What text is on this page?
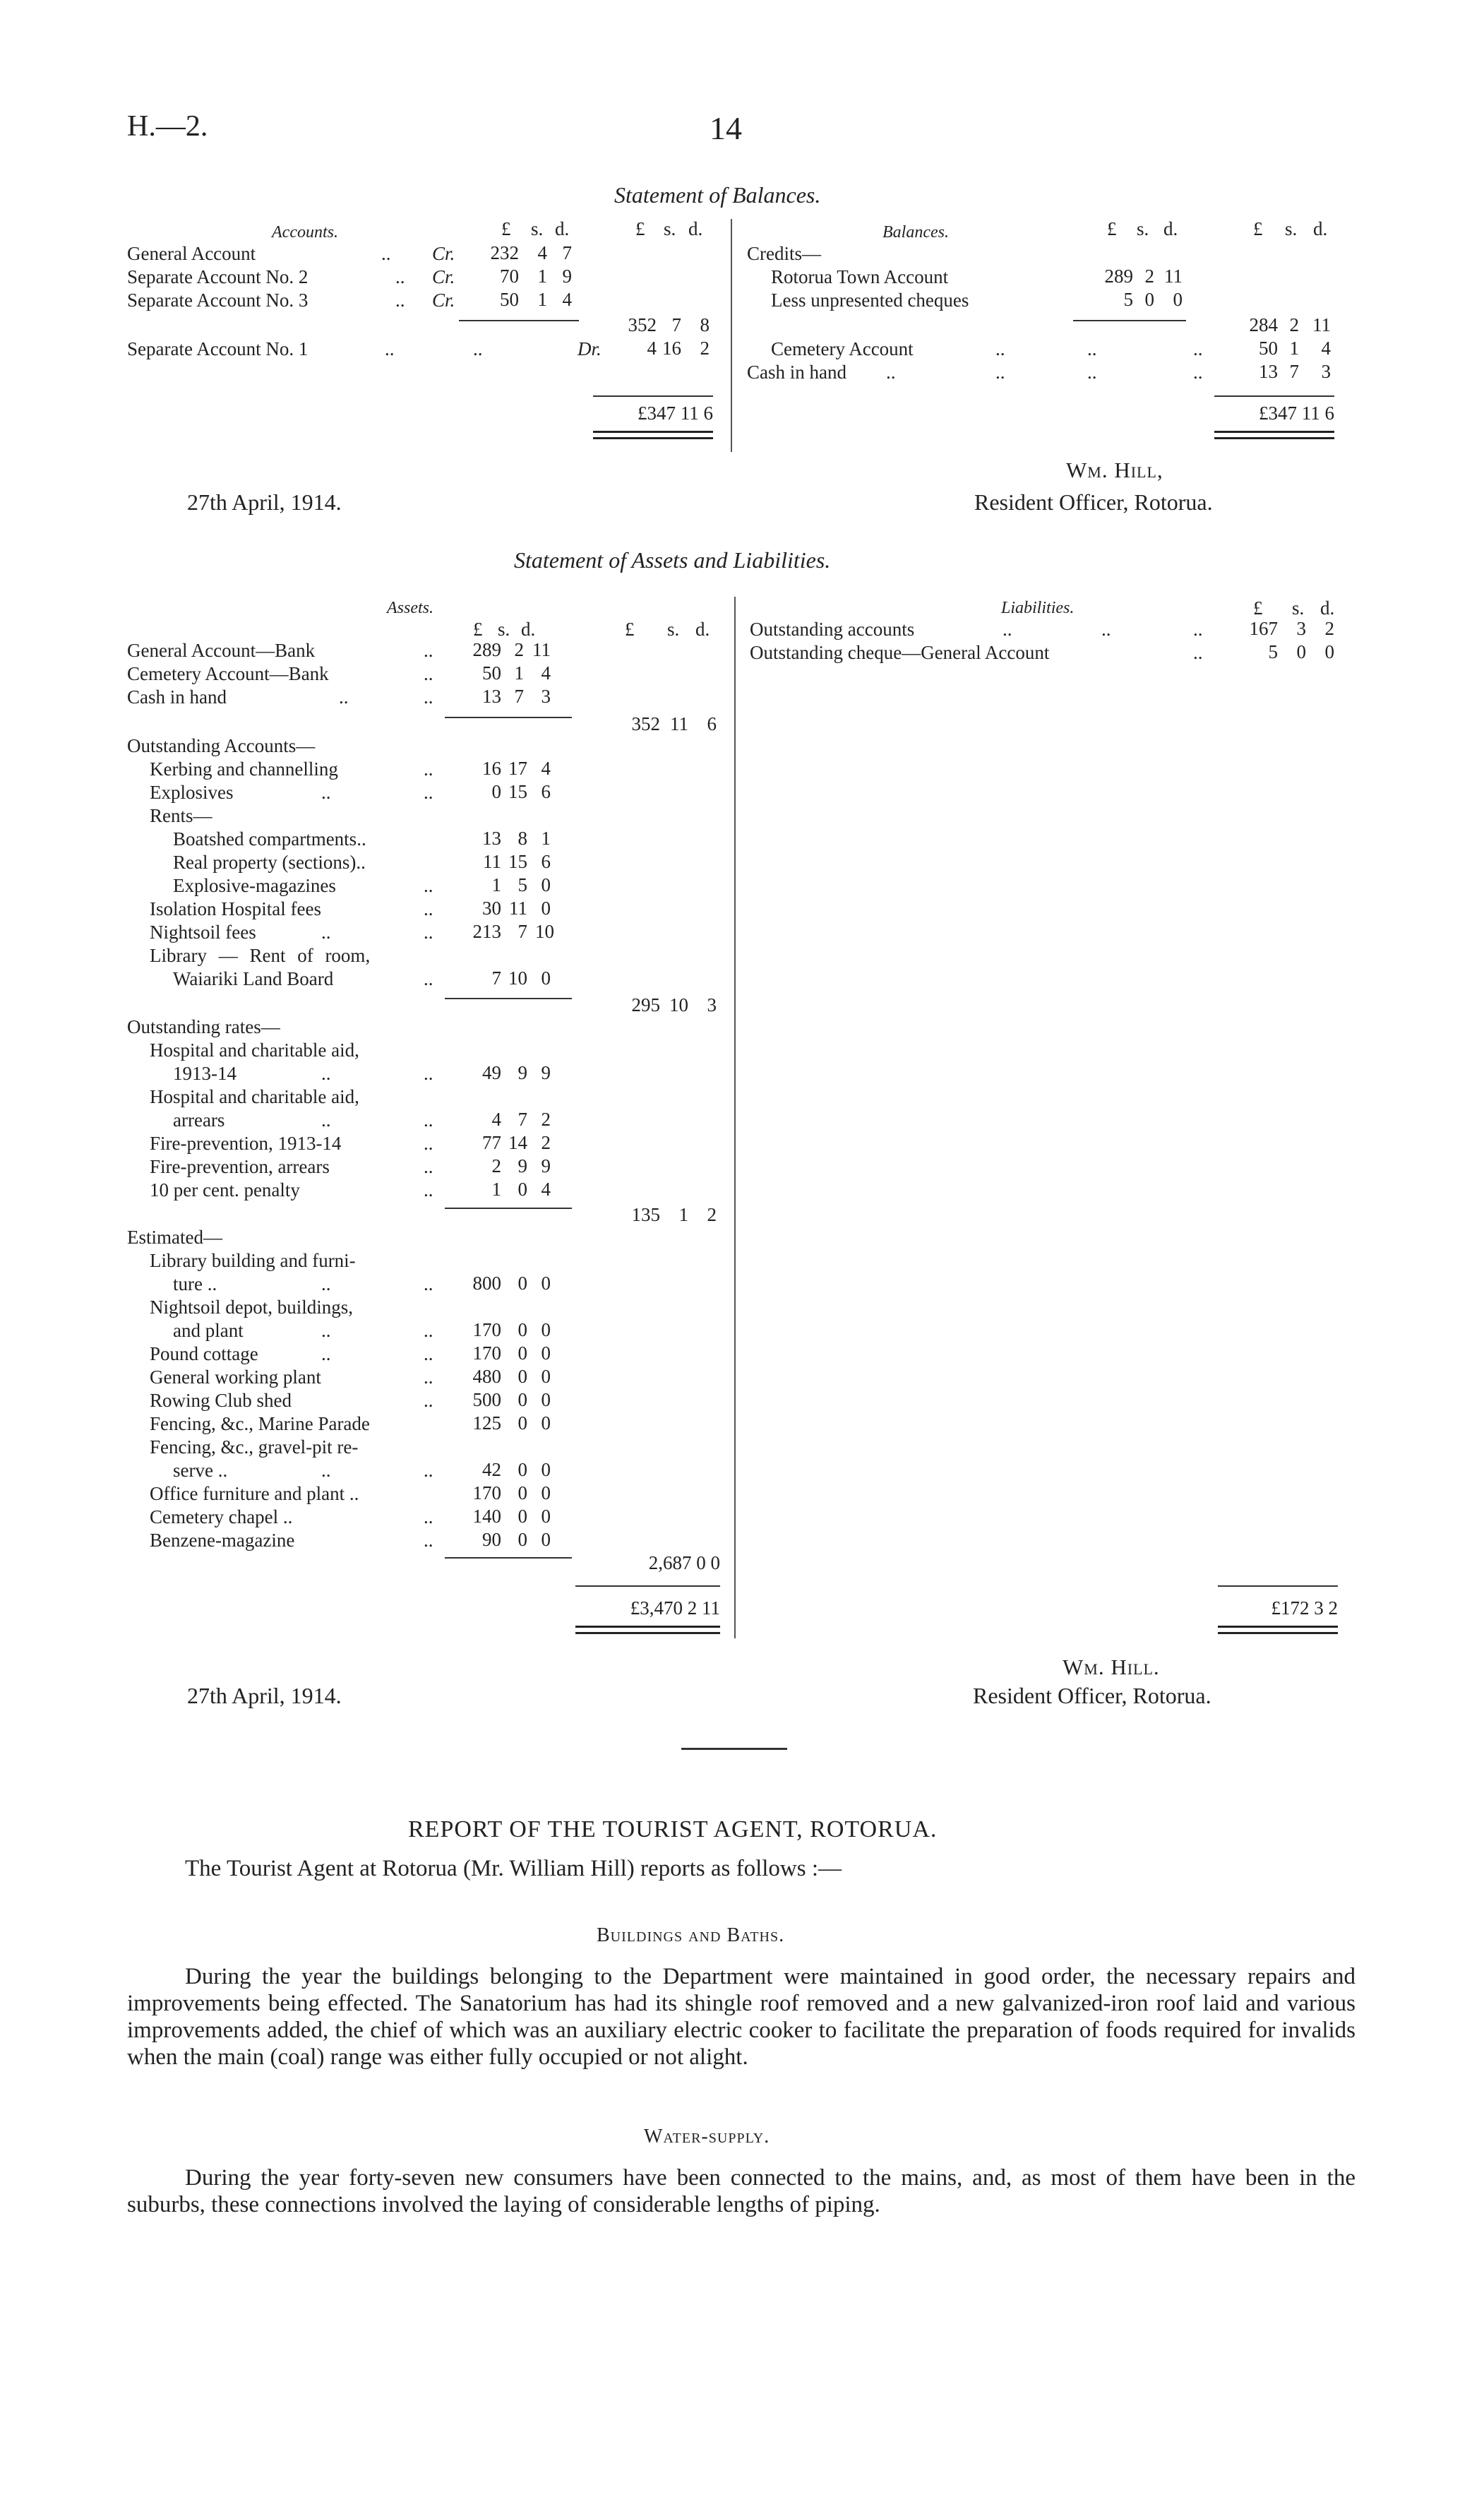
H.—2.	14
Statement of Balances.
Accounts.	£ s. d.	£ s. d.
General Account	.. Cr.	232 4 7
Separate Account No. 2	.. Cr.	70 1 9
Separate Account No. 3	.. Cr.	50 1 4
352 7 8
Separate Account No. 1	..	..	Dr.	4 16 2
£347 11 6
Balances.	£ s. d.	£ s. d.
Credits—
Rotorua Town Account	289 2 11
Less unpresented cheques	5 0 0
284 2 11
Cemetery Account	..	..	..	50 1	4
Cash in hand ..	..	..	..	13 7	3
£347 11 6
27th April, 1914.
Wm. Hill,
Resident Officer, Rotorua.
Statement of Assets and Liabilities.
Assets.
£ s. d.	£ s. d.
General Account—Bank	..	289 2 11
Cemetery Account—Bank	..	50 1 4
Cash in hand	..	..	13 7 3
352 11 6
Outstanding Accounts—
Kerbing and channelling	..	16 17 4
Explosives	..	..	0 15 6
Rents—
Boatshed compartments..	13 8 1
Real property (sections)..	11 15 6
Explosive-magazines	..	1 5 0
Isolation Hospital fees	..	30 11 0
Nightsoil fees	..	..	213 7 10
Library — Rent of room,
Waiariki Land Board	..	7 10 0
295 10 3
Outstanding rates—
Hospital and charitable aid,
1913-14	..	..	49 9 9
Hospital and charitable aid,
arrears	..	..	4 7 2
Fire-prevention, 1913-14	..	77 14 2
Fire-prevention, arrears	..	2 9 9
10 per cent. penalty	..	1 0 4
135 1 2
Estimated—
Library building and furni-
ture ..	..	..	800 0 0
Nightsoil depot, buildings,
and plant	..	..	170 0 0
Pound cottage	..	..	170 0 0
General working plant	..	480 0 0
Rowing Club shed	..	500 0 0
Fencing, &c., Marine Parade	125 0 0
Fencing, &c., gravel-pit re-
serve ..	..	..	42 0 0
Office furniture and plant ..	170 0 0
Cemetery chapel ..	..	140 0 0
Benzene-magazine	..	90 0 0
2,687 0 0
£3,470 2 11
Liabilities.	£ s. d.
Outstanding accounts	..	..	..	167 3 2
Outstanding cheque—General Account	..	5 0 0
£172 3 2
27th April, 1914.
Wm. Hill.
Resident Officer, Rotorua.
REPORT OF THE TOURIST AGENT, ROTORUA.
The Tourist Agent at Rotorua (Mr. William Hill) reports as follows :—
Buildings and Baths.
During the year the buildings belonging to the Department were maintained in good order, the necessary repairs and improvements being effected. The Sanatorium has had its shingle roof removed and a new galvanized-iron roof laid and various improvements added, the chief of which was an auxiliary electric cooker to facilitate the preparation of foods required for invalids when the main (coal) range was either fully occupied or not alight.
Water-supply.
During the year forty-seven new consumers have been connected to the mains, and, as most of them have been in the suburbs, these connections involved the laying of considerable lengths of piping.
